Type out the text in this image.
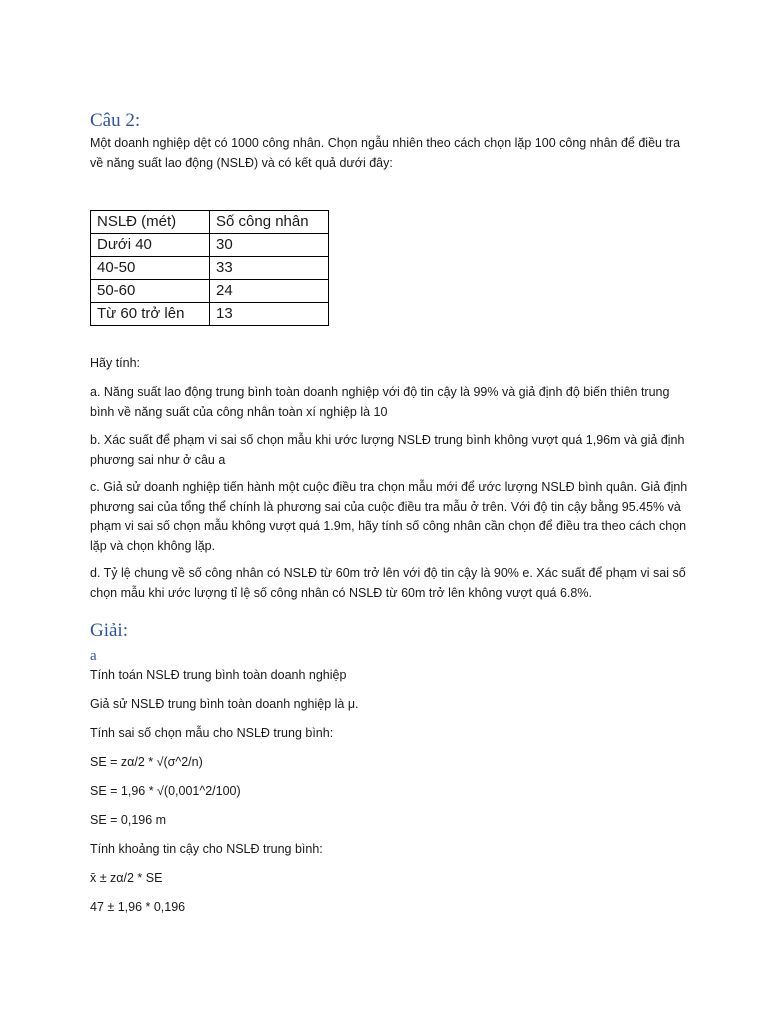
Câu 2:

Một doanh nghiệp dệt có 1000 công nhân. Chọn ngẫu nhiên theo cách chọn lặp 100 công nhân để điều tra về năng suất lao động (NSLĐ) và có kết quả dưới đây:

NSLĐ (mét)	Số công nhân
Dưới 40	30
40-50	33
50-60	24
Từ 60 trở lên	13

Hãy tính:

a. Năng suất lao động trung bình toàn doanh nghiệp với độ tin cậy là 99% và giả định độ biến thiên trung bình về năng suất của công nhân toàn xí nghiệp là 10

b. Xác suất để phạm vi sai số chọn mẫu khi ước lượng NSLĐ trung bình không vượt quá 1,96m và giả định phương sai như ở câu a

c. Giả sử doanh nghiệp tiến hành một cuộc điều tra chọn mẫu mới để ước lượng NSLĐ bình quân. Giả định phương sai của tổng thể chính là phương sai của cuộc điều tra mẫu ở trên. Với độ tin cậy bằng 95.45% và phạm vi sai số chọn mẫu không vượt quá 1.9m, hãy tính số công nhân cần chọn để điều tra theo cách chọn lặp và chọn không lặp.

d. Tỷ lệ chung về số công nhân có NSLĐ từ 60m trở lên với độ tin cậy là 90% e. Xác suất để phạm vi sai số chọn mẫu khi ước lượng tỉ lệ số công nhân có NSLĐ từ 60m trở lên không vượt quá 6.8%.

Giải:
a

Tính toán NSLĐ trung bình toàn doanh nghiệp

Giả sử NSLĐ trung bình toàn doanh nghiệp là μ.

Tính sai số chọn mẫu cho NSLĐ trung bình:

SE = zα/2 * √(σ^2/n)

SE = 1,96 * √(0,001^2/100)

SE = 0,196 m

Tính khoảng tin cậy cho NSLĐ trung bình:

x̄ ± zα/2 * SE

47 ± 1,96 * 0,196
